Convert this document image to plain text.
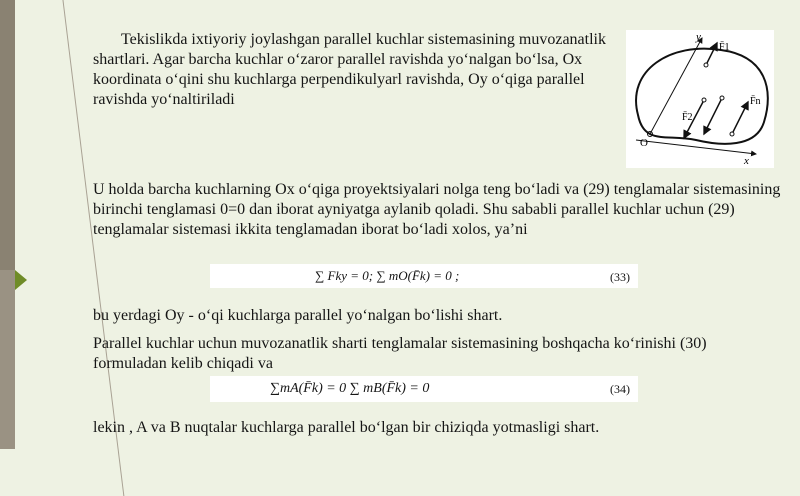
Tekislikda ixtiyoriy joylashgan parallel kuchlar sistemasining muvozanatlik shartlari. Agar barcha kuchlar o‘zaror parallel ravishda yo‘nalgan bo‘lsa, Ox koordinata o‘qini shu kuchlarga perpendikulyarl ravishda, Oy o‘qiga parallel ravishda yo‘naltiriladi

y
x
O
F̄1
F̄2
F̄n

U holda barcha kuchlarning Ox o‘qiga proyektsiyalari nolga teng bo‘ladi va (29) tenglamalar sistemasining birinchi tenglamasi 0=0 dan iborat ayniyatga aylanib qoladi. Shu sababli parallel kuchlar uchun (29) tenglamalar sistemasi ikkita tenglamadan iborat bo‘ladi xolos, ya’ni

∑ Fky = 0; ∑ mO(F̄k) = 0 ;	(33)

bu yerdagi Oy - o‘qi kuchlarga parallel yo‘nalgan bo‘lishi shart.

Parallel kuchlar uchun muvozanatlik sharti tenglamalar sistemasining boshqacha ko‘rinishi (30) formuladan kelib chiqadi va

∑mA(F̄k) = 0 ∑ mB(F̄k) = 0	(34)

lekin , A va B nuqtalar kuchlarga parallel bo‘lgan bir chiziqda yotmasligi shart.
